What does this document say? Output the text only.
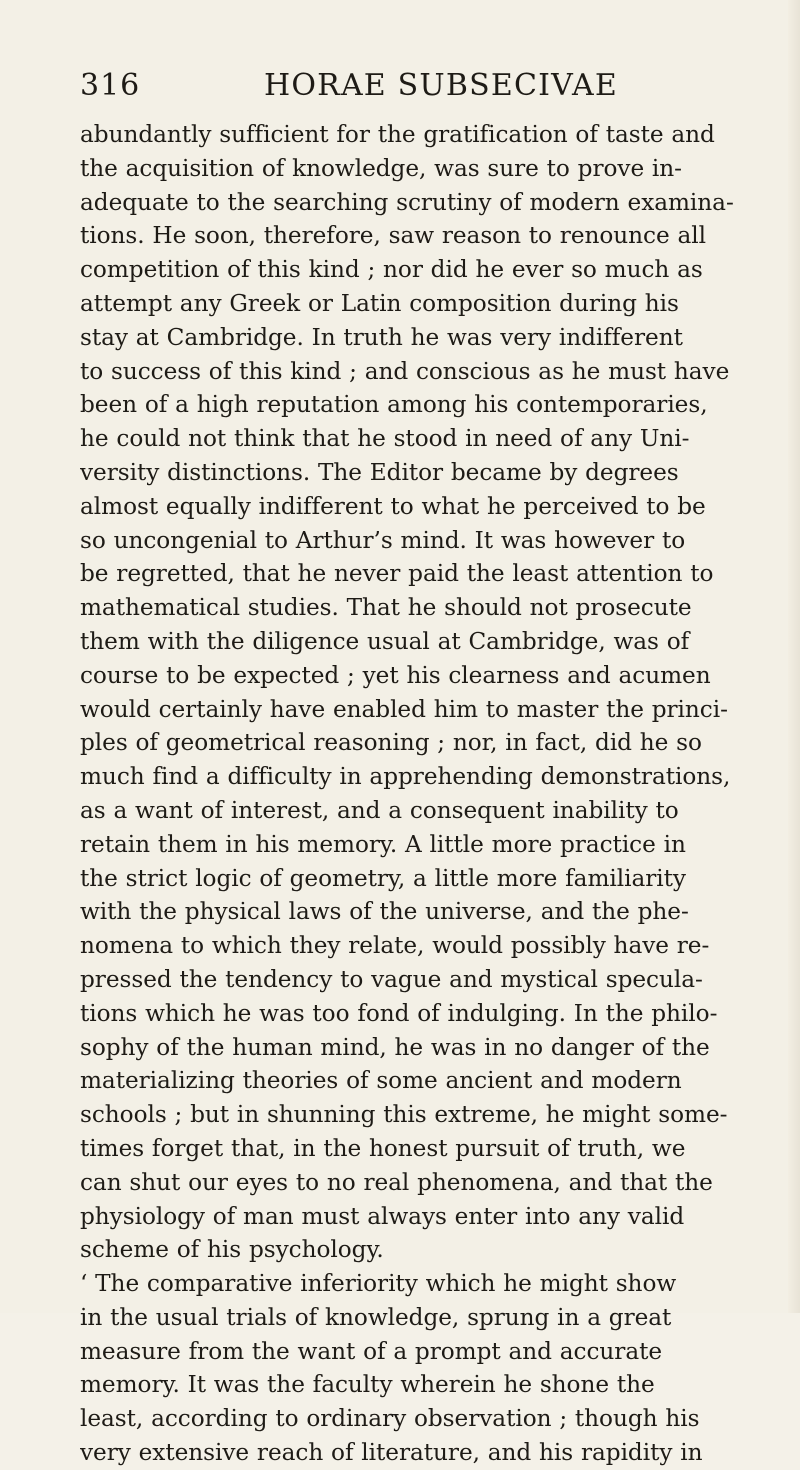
316	HORAE SUBSECIVAE
abundantly sufficient for the gratification of taste and
the acquisition of knowledge, was sure to prove in-
adequate to the searching scrutiny of modern examina-
tions. He soon, therefore, saw reason to renounce all
competition of this kind ; nor did he ever so much as
attempt any Greek or Latin composition during his
stay at Cambridge. In truth he was very indifferent
to success of this kind ; and conscious as he must have
been of a high reputation among his contemporaries,
he could not think that he stood in need of any Uni-
versity distinctions. The Editor became by degrees
almost equally indifferent to what he perceived to be
so uncongenial to Arthur’s mind. It was however to
be regretted, that he never paid the least attention to
mathematical studies. That he should not prosecute
them with the diligence usual at Cambridge, was of
course to be expected ; yet his clearness and acumen
would certainly have enabled him to master the princi-
ples of geometrical reasoning ; nor, in fact, did he so
much find a difficulty in apprehending demonstrations,
as a want of interest, and a consequent inability to
retain them in his memory. A little more practice in
the strict logic of geometry, a little more familiarity
with the physical laws of the universe, and the phe-
nomena to which they relate, would possibly have re-
pressed the tendency to vague and mystical specula-
tions which he was too fond of indulging. In the philo-
sophy of the human mind, he was in no danger of the
materializing theories of some ancient and modern
schools ; but in shunning this extreme, he might some-
times forget that, in the honest pursuit of truth, we
can shut our eyes to no real phenomena, and that the
physiology of man must always enter into any valid
scheme of his psychology.
‘ The comparative inferiority which he might show
in the usual trials of knowledge, sprung in a great
measure from the want of a prompt and accurate
memory. It was the faculty wherein he shone the
least, according to ordinary observation ; though his
very extensive reach of literature, and his rapidity in
